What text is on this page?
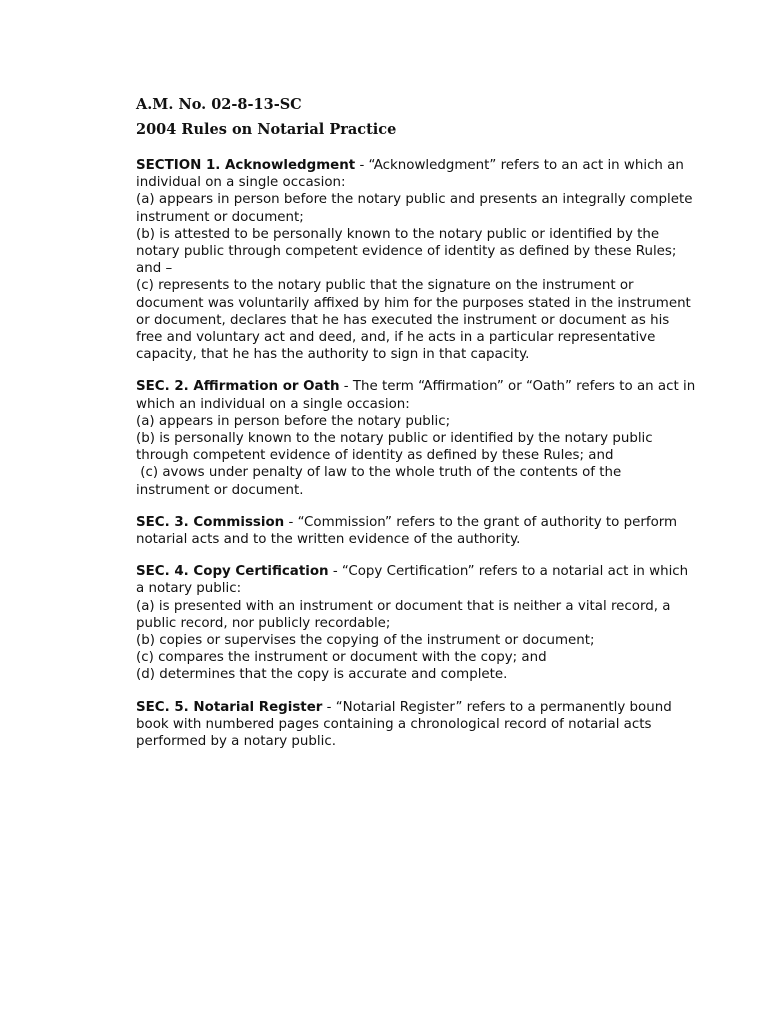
A.M. No. 02-8-13-SC
2004 Rules on Notarial Practice

SECTION 1. Acknowledgment - “Acknowledgment” refers to an act in which an individual on a single occasion:

(a) appears in person before the notary public and presents an integrally complete instrument or document;

(b) is attested to be personally known to the notary public or identified by the notary public through competent evidence of identity as defined by these Rules; and –

(c) represents to the notary public that the signature on the instrument or document was voluntarily affixed by him for the purposes stated in the instrument or document, declares that he has executed the instrument or document as his free and voluntary act and deed, and, if he acts in a particular representative capacity, that he has the authority to sign in that capacity.

SEC. 2. Affirmation or Oath - The term “Affirmation” or “Oath” refers to an act in which an individual on a single occasion:

(a) appears in person before the notary public;

(b) is personally known to the notary public or identified by the notary public through competent evidence of identity as defined by these Rules; and

(c) avows under penalty of law to the whole truth of the contents of the instrument or document.

SEC. 3. Commission - “Commission” refers to the grant of authority to perform notarial acts and to the written evidence of the authority.

SEC. 4. Copy Certification - “Copy Certification” refers to a notarial act in which a notary public:

(a) is presented with an instrument or document that is neither a vital record, a public record, nor publicly recordable;

(b) copies or supervises the copying of the instrument or document;

(c) compares the instrument or document with the copy; and

(d) determines that the copy is accurate and complete.

SEC. 5. Notarial Register - “Notarial Register” refers to a permanently bound book with numbered pages containing a chronological record of notarial acts performed by a notary public.
